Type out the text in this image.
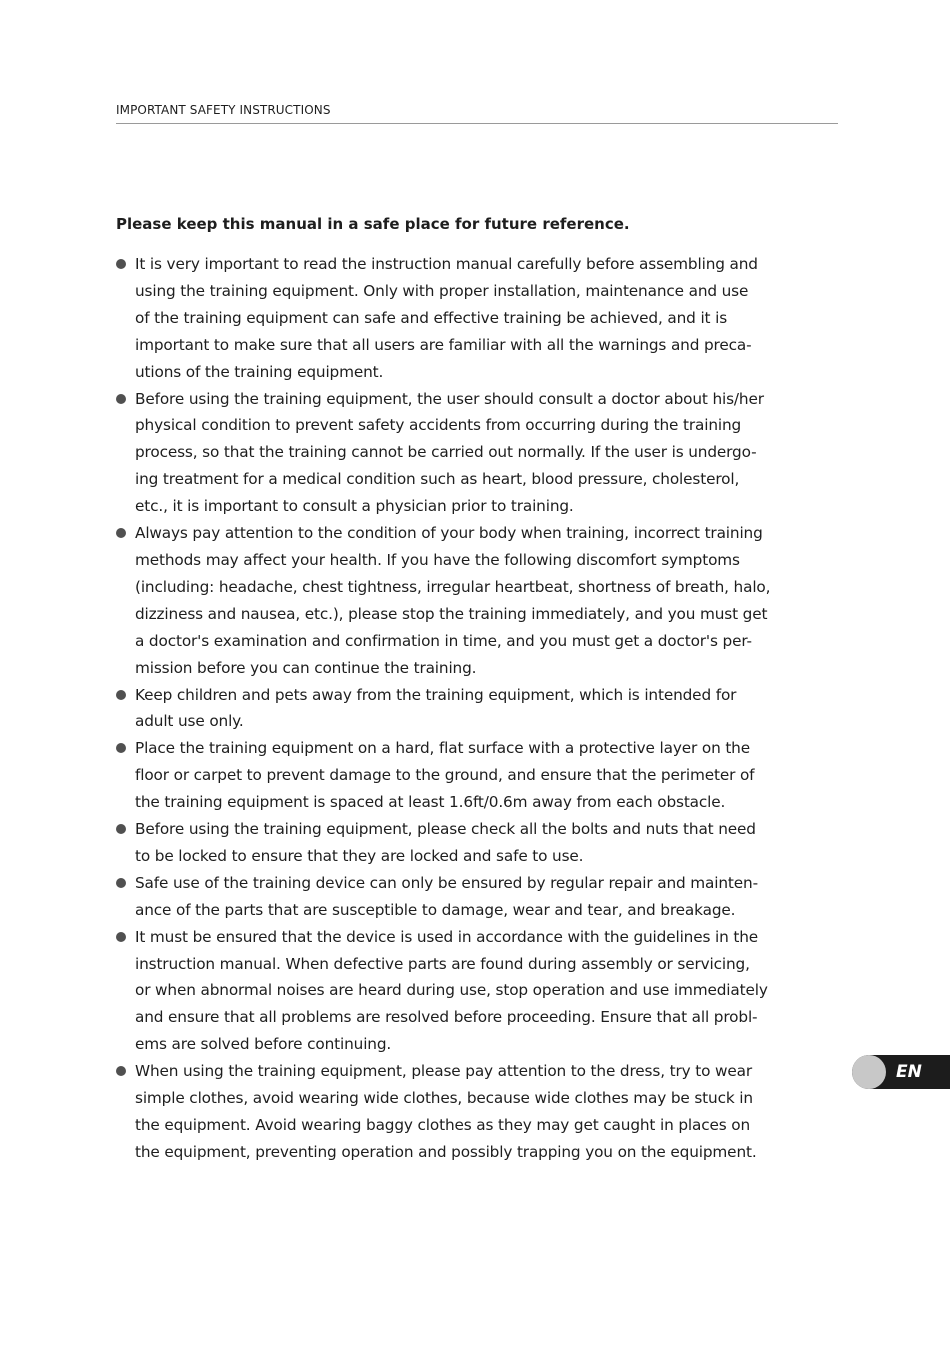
IMPORTANT SAFETY INSTRUCTIONS
Please keep this manual in a safe place for future reference.
It is very important to read the instruction manual carefully before assembling and
using the training equipment. Only with proper installation, maintenance and use
of the training equipment can safe and effective training be achieved, and it is
important to make sure that all users are familiar with all the warnings and preca-
utions of the training equipment.
Before using the training equipment, the user should consult a doctor about his/her
physical condition to prevent safety accidents from occurring during the training
process, so that the training cannot be carried out normally. If the user is undergo-
ing treatment for a medical condition such as heart, blood pressure, cholesterol,
etc., it is important to consult a physician prior to training.
Always pay attention to the condition of your body when training, incorrect training
methods may affect your health. If you have the following discomfort symptoms
(including: headache, chest tightness, irregular heartbeat, shortness of breath, halo,
dizziness and nausea, etc.), please stop the training immediately, and you must get
a doctor's examination and confirmation in time, and you must get a doctor's per-
mission before you can continue the training.
Keep children and pets away from the training equipment, which is intended for
adult use only.
Place the training equipment on a hard, flat surface with a protective layer on the
floor or carpet to prevent damage to the ground, and ensure that the perimeter of
the training equipment is spaced at least 1.6ft/0.6m away from each obstacle.
Before using the training equipment, please check all the bolts and nuts that need
to be locked to ensure that they are locked and safe to use.
Safe use of the training device can only be ensured by regular repair and mainten-
ance of the parts that are susceptible to damage, wear and tear, and breakage.
It must be ensured that the device is used in accordance with the guidelines in the
instruction manual. When defective parts are found during assembly or servicing,
or when abnormal noises are heard during use, stop operation and use immediately
and ensure that all problems are resolved before proceeding. Ensure that all probl-
ems are solved before continuing.
When using the training equipment, please pay attention to the dress, try to wear
simple clothes, avoid wearing wide clothes, because wide clothes may be stuck in
the equipment. Avoid wearing baggy clothes as they may get caught in places on
the equipment, preventing operation and possibly trapping you on the equipment.
EN
